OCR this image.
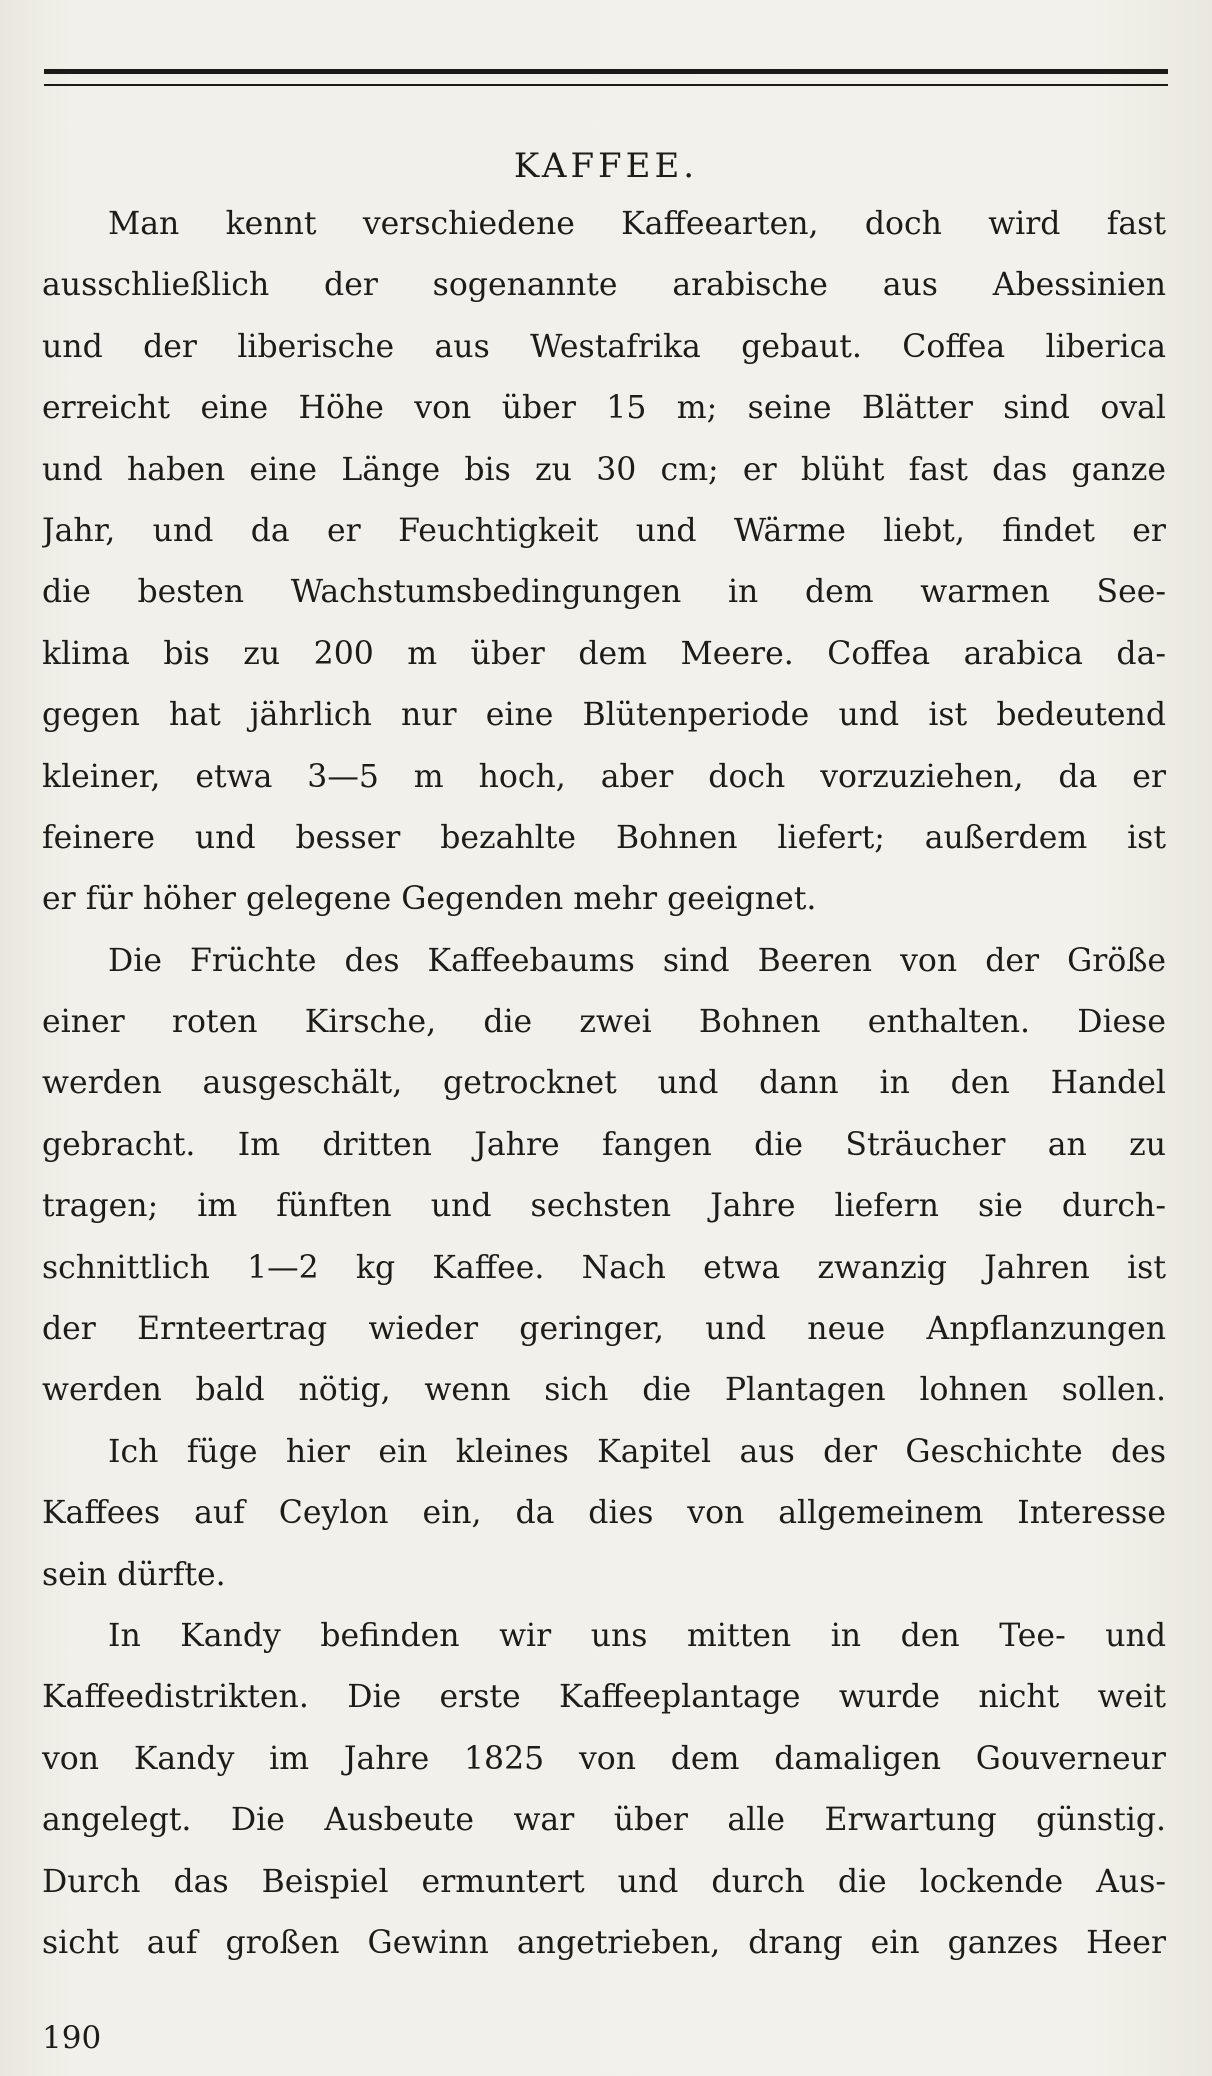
KAFFEE.
Man kennt verschiedene Kaffeearten, doch wird fast
ausschließlich der sogenannte arabische aus Abessinien
und der liberische aus Westafrika gebaut. Coffea liberica
erreicht eine Höhe von über 15 m; seine Blätter sind oval
und haben eine Länge bis zu 30 cm; er blüht fast das ganze
Jahr, und da er Feuchtigkeit und Wärme liebt, findet er
die besten Wachstumsbedingungen in dem warmen See-
klima bis zu 200 m über dem Meere. Coffea arabica da-
gegen hat jährlich nur eine Blütenperiode und ist bedeutend
kleiner, etwa 3—5 m hoch, aber doch vorzuziehen, da er
feinere und besser bezahlte Bohnen liefert; außerdem ist
er für höher gelegene Gegenden mehr geeignet.
Die Früchte des Kaffeebaums sind Beeren von der Größe
einer roten Kirsche, die zwei Bohnen enthalten. Diese
werden ausgeschält, getrocknet und dann in den Handel
gebracht. Im dritten Jahre fangen die Sträucher an zu
tragen; im fünften und sechsten Jahre liefern sie durch-
schnittlich 1—2 kg Kaffee. Nach etwa zwanzig Jahren ist
der Ernteertrag wieder geringer, und neue Anpflanzungen
werden bald nötig, wenn sich die Plantagen lohnen sollen.
Ich füge hier ein kleines Kapitel aus der Geschichte des
Kaffees auf Ceylon ein, da dies von allgemeinem Interesse
sein dürfte.
In Kandy befinden wir uns mitten in den Tee- und
Kaffeedistrikten. Die erste Kaffeeplantage wurde nicht weit
von Kandy im Jahre 1825 von dem damaligen Gouverneur
angelegt. Die Ausbeute war über alle Erwartung günstig.
Durch das Beispiel ermuntert und durch die lockende Aus-
sicht auf großen Gewinn angetrieben, drang ein ganzes Heer
190
